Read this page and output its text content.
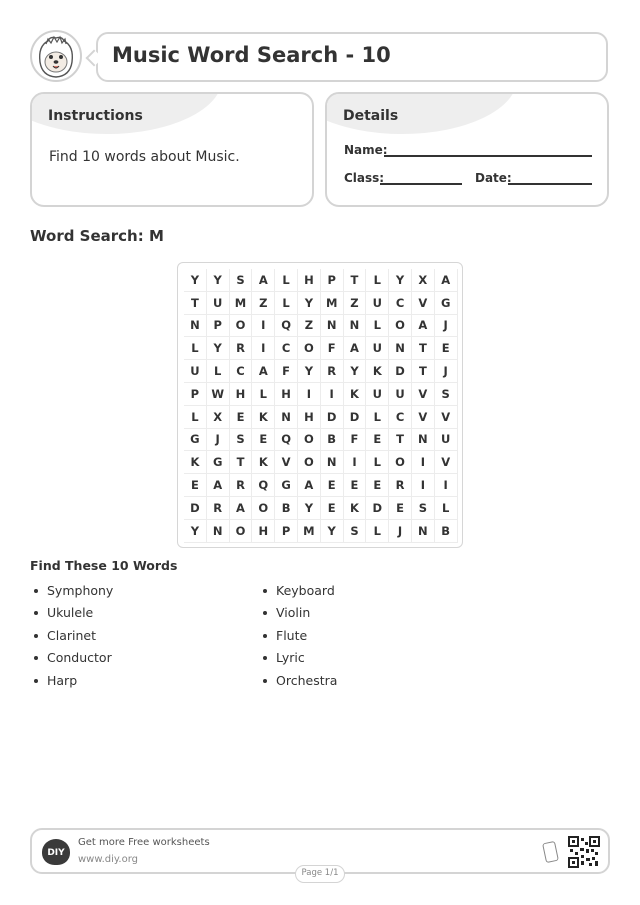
Music Word Search - 10
Instructions
Find 10 words about Music.
Details
Name:
Class:	Date:
Word Search: M
Y	Y	S	A	L	H	P	T	L	Y	X	A
T	U	M	Z	L	Y	M	Z	U	C	V	G
N	P	O	I	Q	Z	N	N	L	O	A	J
L	Y	R	I	C	O	F	A	U	N	T	E
U	L	C	A	F	Y	R	Y	K	D	T	J
P	W	H	L	H	I	I	K	U	U	V	S
L	X	E	K	N	H	D	D	L	C	V	V
G	J	S	E	Q	O	B	F	E	T	N	U
K	G	T	K	V	O	N	I	L	O	I	V
E	A	R	Q	G	A	E	E	E	R	I	I
D	R	A	O	B	Y	E	K	D	E	S	L
Y	N	O	H	P	M	Y	S	L	J	N	B
Find These 10 Words
Symphony
Ukulele
Clarinet
Conductor
Harp
Keyboard
Violin
Flute
Lyric
Orchestra
DIY
Get more Free worksheets
www.diy.org
Page 1/1
